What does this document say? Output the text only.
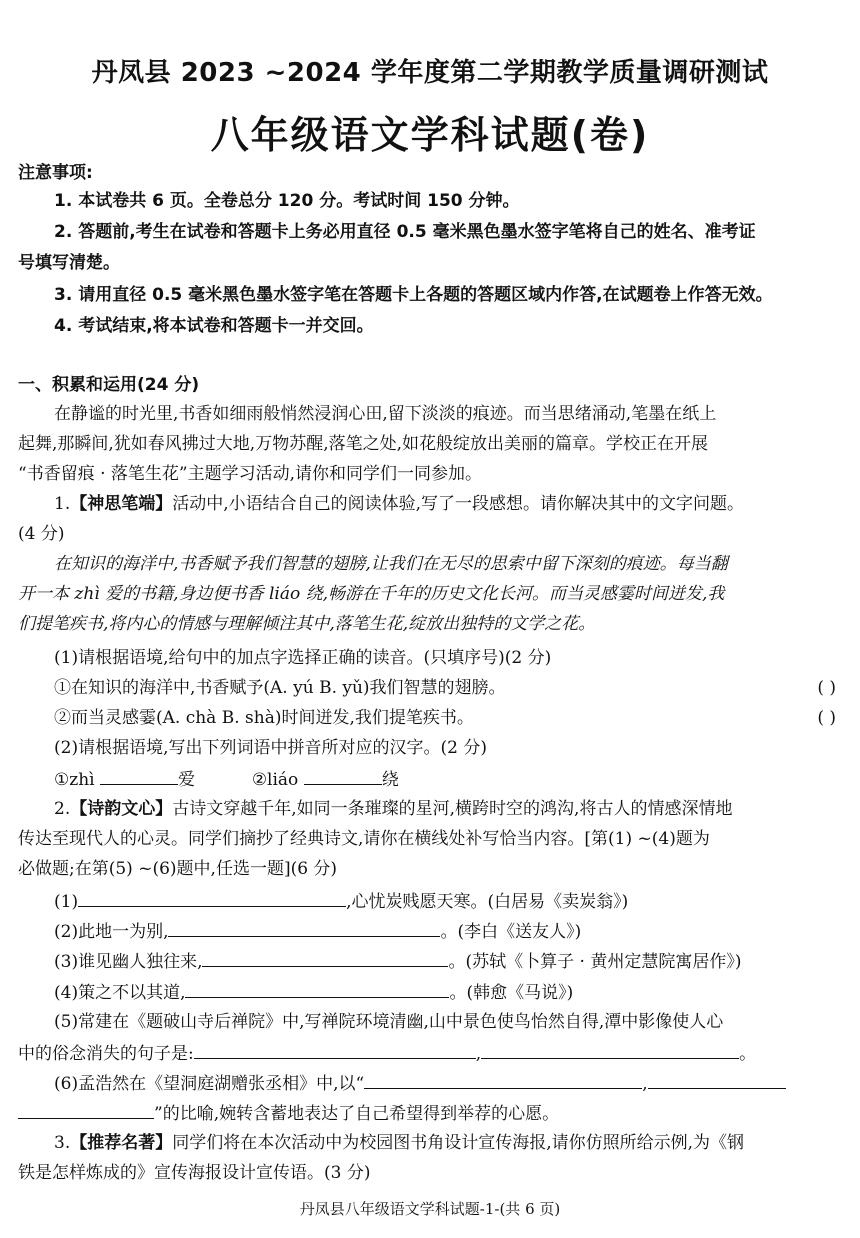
丹凤县 2023 ~2024 学年度第二学期教学质量调研测试
八年级语文学科试题(卷)
注意事项:
1. 本试卷共 6 页。全卷总分 120 分。考试时间 150 分钟。
2. 答题前,考生在试卷和答题卡上务必用直径 0.5 毫米黑色墨水签字笔将自己的姓名、准考证
号填写清楚。
3. 请用直径 0.5 毫米黑色墨水签字笔在答题卡上各题的答题区域内作答,在试题卷上作答无效。
4. 考试结束,将本试卷和答题卡一并交回。
一、积累和运用(24 分)
在静谧的时光里,书香如细雨般悄然浸润心田,留下淡淡的痕迹。而当思绪涌动,笔墨在纸上
起舞,那瞬间,犹如春风拂过大地,万物苏醒,落笔之处,如花般绽放出美丽的篇章。学校正在开展
“书香留痕 · 落笔生花”主题学习活动,请你和同学们一同参加。
1.【神思笔端】活动中,小语结合自己的阅读体验,写了一段感想。请你解决其中的文字问题。
(4 分)
在知识的海洋中,书香赋予我们智慧的翅膀,让我们在无尽的思索中留下深刻的痕迹。每当翻
开一本 zhì 爱的书籍,身边便书香 liáo 绕,畅游在千年的历史文化长河。而当灵感霎时间迸发,我
们提笔疾书,将内心的情感与理解倾注其中,落笔生花,绽放出独特的文学之花。
(1)请根据语境,给句中的加点字选择正确的读音。(只填序号)(2 分)
①在知识的海洋中,书香赋予(A. yú B. yǔ)我们智慧的翅膀。	( )
②而当灵感霎(A. chà B. shà)时间迸发,我们提笔疾书。	( )
(2)请根据语境,写出下列词语中拼音所对应的汉字。(2 分)
①zhì	爱	②liáo	绕
2.【诗韵文心】古诗文穿越千年,如同一条璀璨的星河,横跨时空的鸿沟,将古人的情感深情地
传达至现代人的心灵。同学们摘抄了经典诗文,请你在横线处补写恰当内容。[第(1) ~(4)题为
必做题;在第(5) ~(6)题中,任选一题](6 分)
(1)	,心忧炭贱愿天寒。(白居易《卖炭翁》)
(2)此地一为别,	。(李白《送友人》)
(3)谁见幽人独往来,	。(苏轼《卜算子 · 黄州定慧院寓居作》)
(4)策之不以其道,	。(韩愈《马说》)
(5)常建在《题破山寺后禅院》中,写禅院环境清幽,山中景色使鸟怡然自得,潭中影像使人心
中的俗念消失的句子是:	,	。
(6)孟浩然在《望洞庭湖赠张丞相》中,以“	,
”的比喻,婉转含蓄地表达了自己希望得到举荐的心愿。
3.【推荐名著】同学们将在本次活动中为校园图书角设计宣传海报,请你仿照所给示例,为《钢
铁是怎样炼成的》宣传海报设计宣传语。(3 分)
丹凤县八年级语文学科试题-1-(共 6 页)
